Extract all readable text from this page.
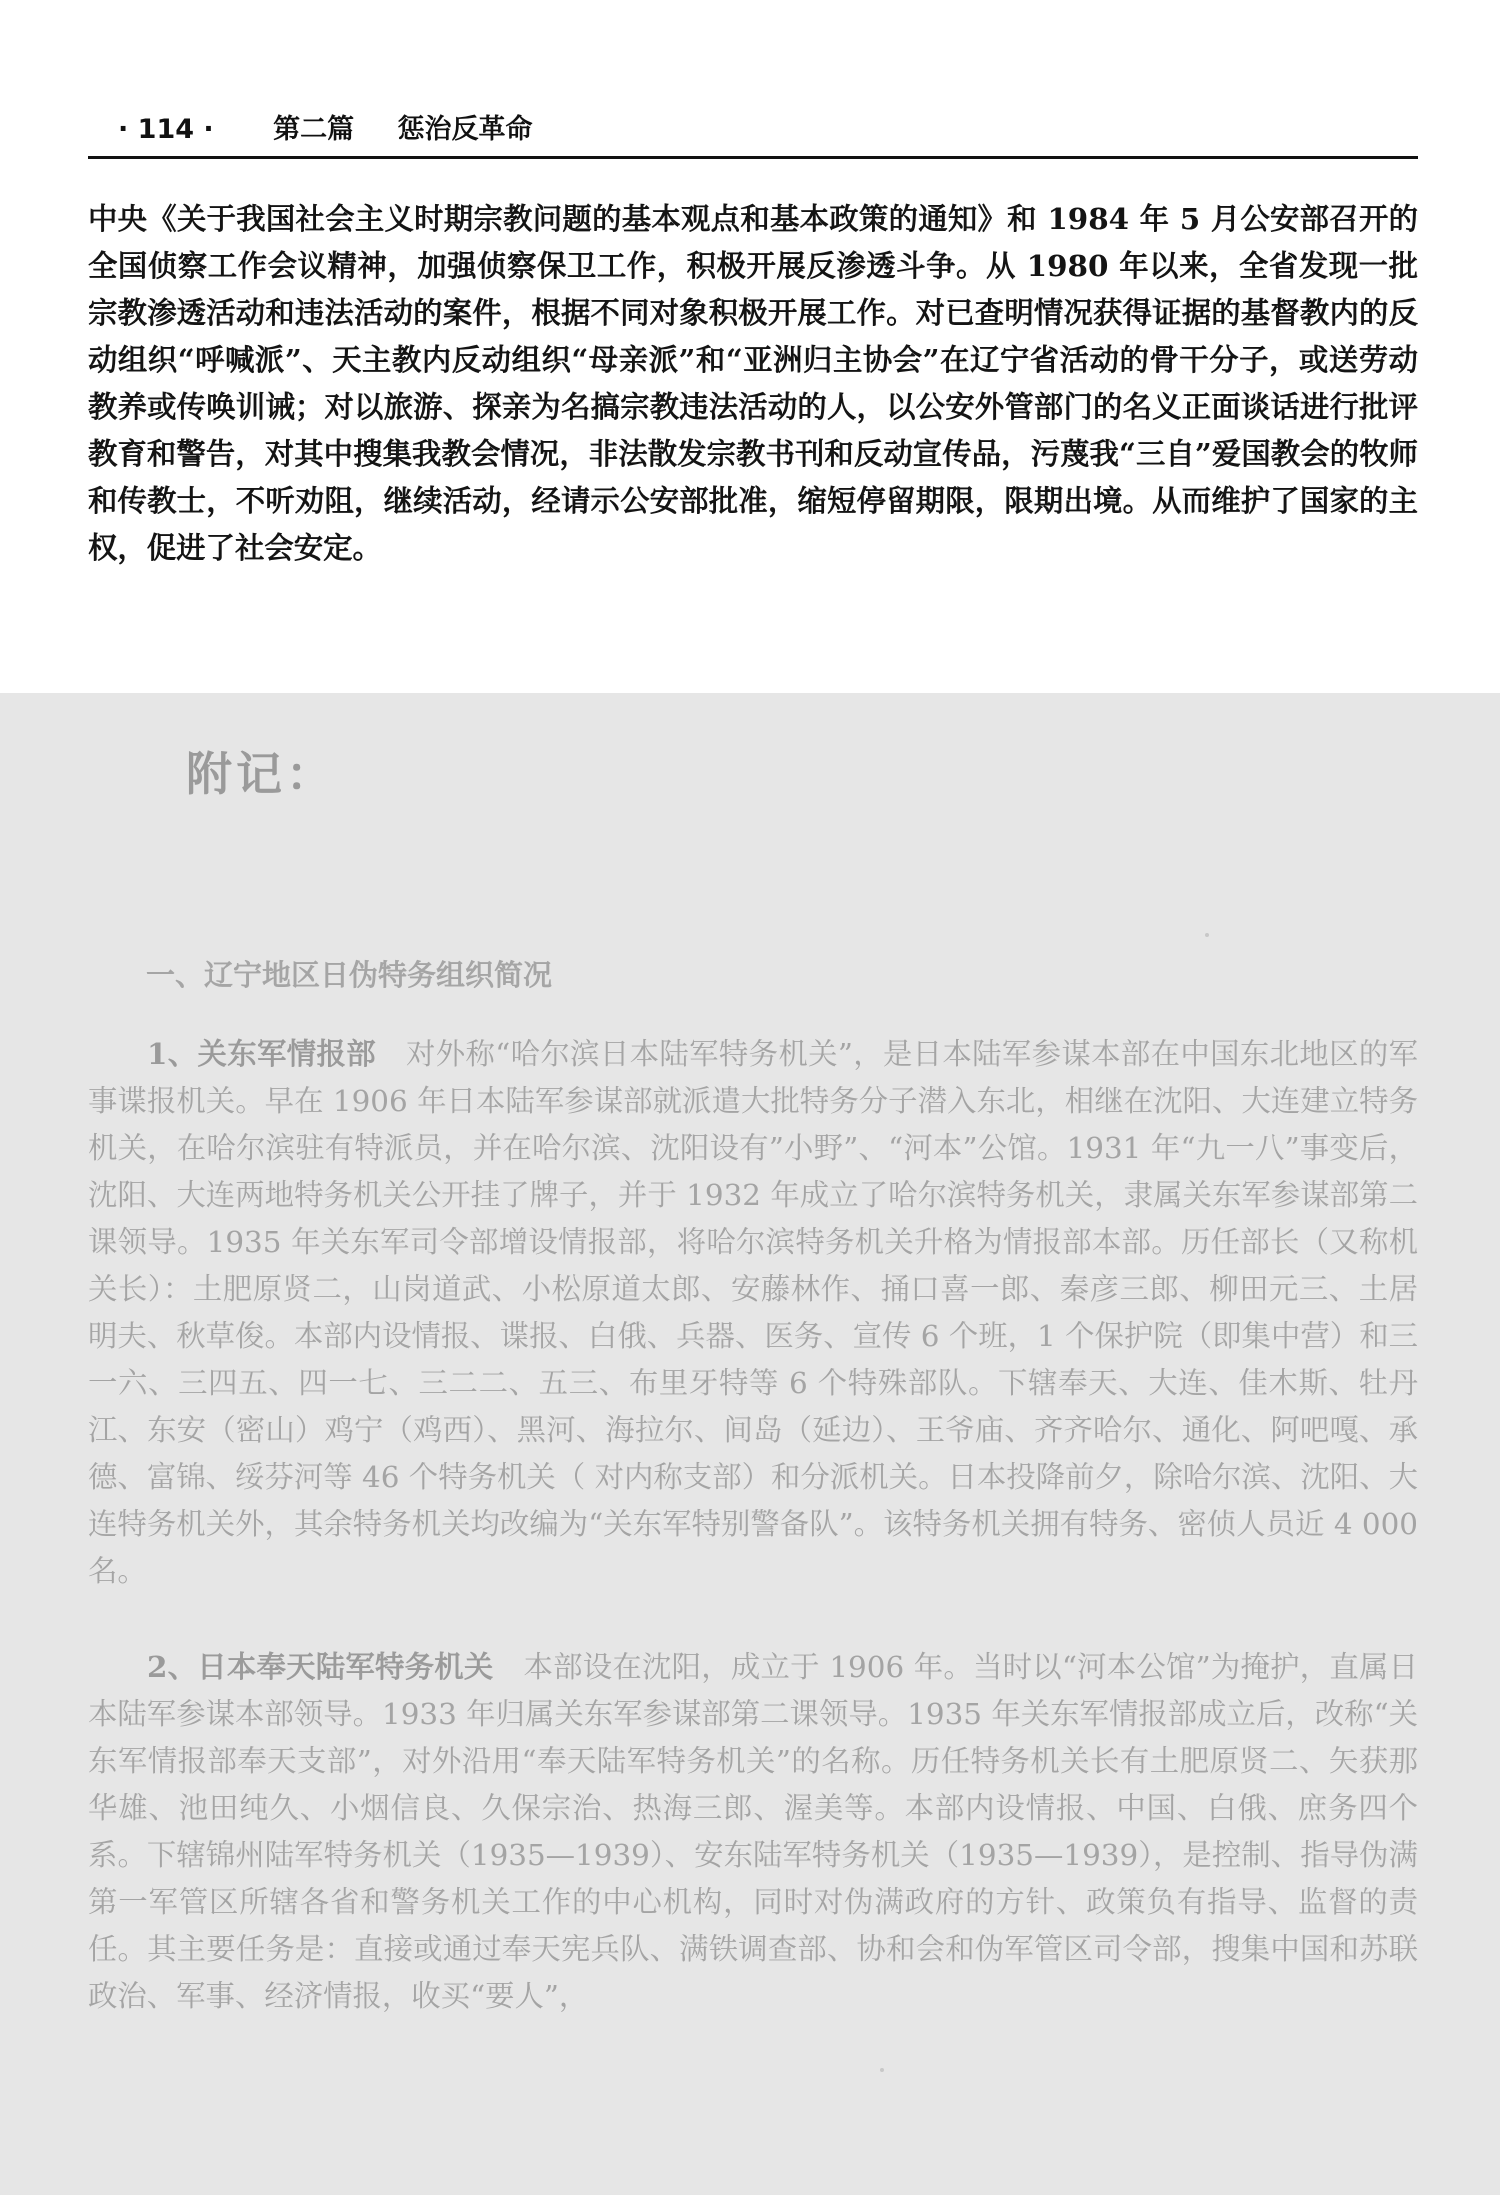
· 114 · 第二篇 惩治反革命

中央《关于我国社会主义时期宗教问题的基本观点和基本政策的通知》和 1984 年 5 月公安部召开的全国侦察工作会议精神，加强侦察保卫工作，积极开展反渗透斗争。从 1980 年以来，全省发现一批宗教渗透活动和违法活动的案件，根据不同对象积极开展工作。对已查明情况获得证据的基督教内的反动组织“呼喊派”、天主教内反动组织“母亲派”和“亚洲归主协会”在辽宁省活动的骨干分子，或送劳动教养或传唤训诫；对以旅游、探亲为名搞宗教违法活动的人，以公安外管部门的名义正面谈话进行批评教育和警告，对其中搜集我教会情况，非法散发宗教书刊和反动宣传品，污蔑我“三自”爱国教会的牧师和传教士，不听劝阻，继续活动，经请示公安部批准，缩短停留期限，限期出境。从而维护了国家的主权，促进了社会安定。

附记：
一、辽宁地区日伪特务组织简况

1、关东军情报部 对外称“哈尔滨日本陆军特务机关”，是日本陆军参谋本部在中国东北地区的军事谍报机关。早在 1906 年日本陆军参谋部就派遣大批特务分子潜入东北，相继在沈阳、大连建立特务机关，在哈尔滨驻有特派员，并在哈尔滨、沈阳设有”小野”、“河本”公馆。1931 年“九一八”事变后，沈阳、大连两地特务机关公开挂了牌子，并于 1932 年成立了哈尔滨特务机关，隶属关东军参谋部第二课领导。1935 年关东军司令部增设情报部，将哈尔滨特务机关升格为情报部本部。历任部长（又称机关长）：土肥原贤二，山岗道武、小松原道太郎、安藤林作、捅口喜一郎、秦彦三郎、柳田元三、土居明夫、秋草俊。本部内设情报、谍报、白俄、兵器、医务、宣传 6 个班，1 个保护院（即集中营）和三一六、三四五、四一七、三二二、五三、布里牙特等 6 个特殊部队。下辖奉天、大连、佳木斯、牡丹江、东安（密山）鸡宁（鸡西）、黑河、海拉尔、间岛（延边）、王爷庙、齐齐哈尔、通化、阿吧嘎、承德、富锦、绥芬河等 46 个特务机关（ 对内称支部）和分派机关。日本投降前夕，除哈尔滨、沈阳、大连特务机关外，其余特务机关均改编为“关东军特别警备队”。该特务机关拥有特务、密侦人员近 4 000 名。

2、日本奉天陆军特务机关 本部设在沈阳，成立于 1906 年。当时以“河本公馆”为掩护，直属日本陆军参谋本部领导。1933 年归属关东军参谋部第二课领导。1935 年关东军情报部成立后，改称“关东军情报部奉天支部”，对外沿用“奉天陆军特务机关”的名称。历任特务机关长有土肥原贤二、矢获那华雄、池田纯久、小烟信良、久保宗治、热海三郎、渥美等。本部内设情报、中国、白俄、庶务四个系。下辖锦州陆军特务机关（1935—1939）、安东陆军特务机关（1935—1939），是控制、指导伪满第一军管区所辖各省和警务机关工作的中心机构，同时对伪满政府的方针、政策负有指导、监督的责任。其主要任务是：直接或通过奉天宪兵队、满铁调查部、协和会和伪军管区司令部，搜集中国和苏联政治、军事、经济情报，收买“要人”，
